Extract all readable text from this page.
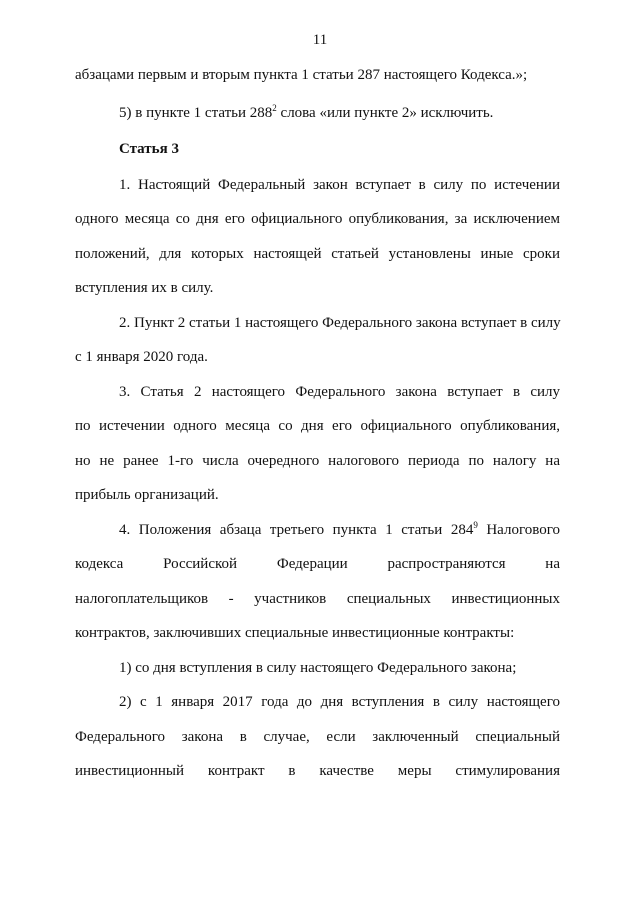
11
абзацами первым и вторым пункта 1 статьи 287 настоящего Кодекса.»;
5) в пункте 1 статьи $288^2$ слова «или пункте 2» исключить.
Статья 3
1. Настоящий Федеральный закон вступает в силу по истечении
одного месяца со дня его официального опубликования, за исключением
положений, для которых настоящей статьей установлены иные сроки
вступления их в силу.
2. Пункт 2 статьи 1 настоящего Федерального закона вступает в силу
с 1 января 2020 года.
3. Статья 2 настоящего Федерального закона вступает в силу
по истечении одного месяца со дня его официального опубликования,
но не ранее 1-го числа очередного налогового периода по налогу на
прибыль организаций.
4. Положения абзаца третьего пункта 1 статьи $284^9$ Налогового
кодекса Российской Федерации распространяются на
налогоплательщиков - участников специальных инвестиционных
контрактов, заключивших специальные инвестиционные контракты:
1) со дня вступления в силу настоящего Федерального закона;
2) с 1 января 2017 года до дня вступления в силу настоящего
Федерального закона в случае, если заключенный специальный
инвестиционный контракт в качестве меры стимулирования
